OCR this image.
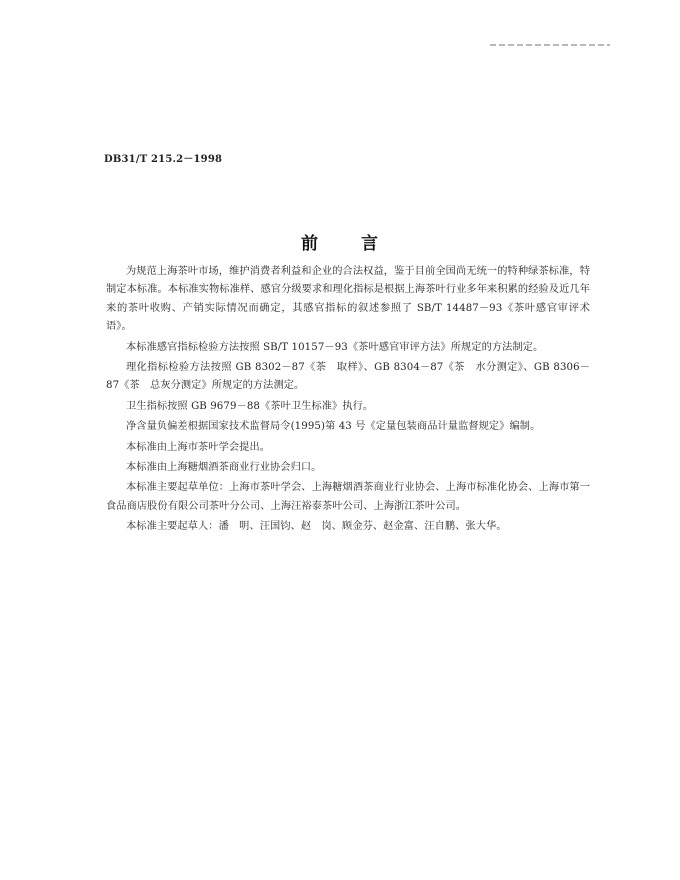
DB31/T 215.2－1998
前 言

为规范上海茶叶市场，维护消费者利益和企业的合法权益，鉴于目前全国尚无统一的特种绿茶标准，特制定本标准。本标准实物标准样、感官分级要求和理化指标是根据上海茶叶行业多年来积累的经验及近几年来的茶叶收购、产销实际情况而确定，其感官指标的叙述参照了 SB/T 14487－93《茶叶感官审评术语》。

本标准感官指标检验方法按照 SB/T 10157－93《茶叶感官审评方法》所规定的方法制定。

理化指标检验方法按照 GB 8302－87《茶　取样》、GB 8304－87《茶　水分测定》、GB 8306－87《茶　总灰分测定》所规定的方法测定。

卫生指标按照 GB 9679－88《茶叶卫生标准》执行。

净含量负偏差根据国家技术监督局令(1995)第 43 号《定量包装商品计量监督规定》编制。

本标准由上海市茶叶学会提出。

本标准由上海糖烟酒茶商业行业协会归口。

本标准主要起草单位：上海市茶叶学会、上海糖烟酒茶商业行业协会、上海市标准化协会、上海市第一食品商店股份有限公司茶叶分公司、上海汪裕泰茶叶公司、上海浙江茶叶公司。

本标准主要起草人：潘　明、汪国钧、赵　岗、顾金芬、赵金富、汪自鹏、张大华。
